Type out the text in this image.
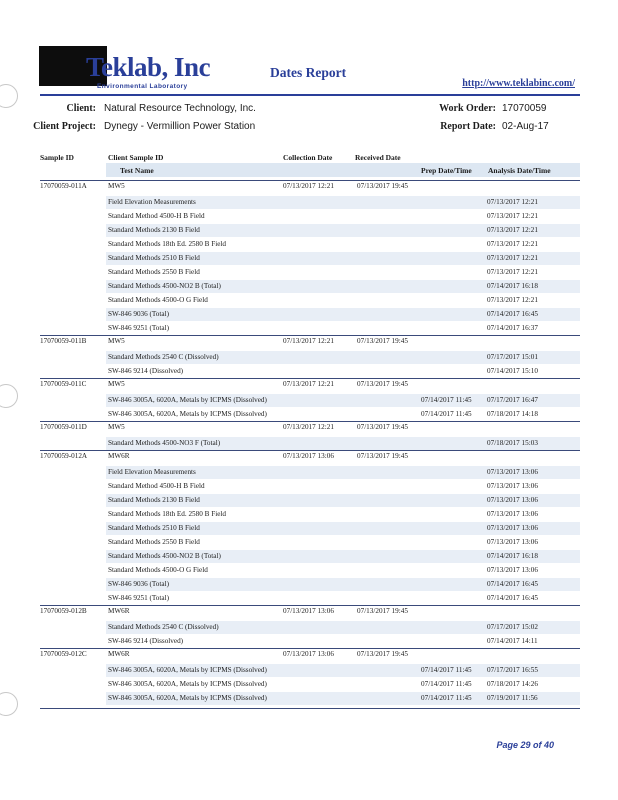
Teklab, Inc
Environmental Laboratory
Dates Report
http://www.teklabinc.com/
Client: Natural Resource Technology, Inc.
Client Project: Dynegy - Vermillion Power Station
Work Order: 17070059
Report Date: 02-Aug-17
Sample ID	Client Sample ID
Test Name
Collection Date	Received Date
Prep Date/Time Analysis Date/Time
17070059-011A	MW5	07/13/2017 12:21	07/13/2017 19:45
Field Elevation Measurements	07/13/2017 12:21
Standard Method 4500-H B Field	07/13/2017 12:21
Standard Methods 2130 B Field	07/13/2017 12:21
Standard Methods 18th Ed. 2580 B Field	07/13/2017 12:21
Standard Methods 2510 B Field	07/13/2017 12:21
Standard Methods 2550 B Field	07/13/2017 12:21
Standard Methods 4500-NO2 B (Total)	07/14/2017 16:18
Standard Methods 4500-O G Field	07/13/2017 12:21
SW-846 9036 (Total)	07/14/2017 16:45
SW-846 9251 (Total)	07/14/2017 16:37
17070059-011B	MW5	07/13/2017 12:21	07/13/2017 19:45
Standard Methods 2540 C (Dissolved)	07/17/2017 15:01
SW-846 9214 (Dissolved)	07/14/2017 15:10
17070059-011C	MW5	07/13/2017 12:21	07/13/2017 19:45
SW-846 3005A, 6020A, Metals by ICPMS (Dissolved)	07/14/2017 11:45 07/17/2017 16:47
SW-846 3005A, 6020A, Metals by ICPMS (Dissolved)	07/14/2017 11:45 07/18/2017 14:18
17070059-011D	MW5	07/13/2017 12:21	07/13/2017 19:45
Standard Methods 4500-NO3 F (Total)	07/18/2017 15:03
17070059-012A	MW6R	07/13/2017 13:06	07/13/2017 19:45
Field Elevation Measurements	07/13/2017 13:06
Standard Method 4500-H B Field	07/13/2017 13:06
Standard Methods 2130 B Field	07/13/2017 13:06
Standard Methods 18th Ed. 2580 B Field	07/13/2017 13:06
Standard Methods 2510 B Field	07/13/2017 13:06
Standard Methods 2550 B Field	07/13/2017 13:06
Standard Methods 4500-NO2 B (Total)	07/14/2017 16:18
Standard Methods 4500-O G Field	07/13/2017 13:06
SW-846 9036 (Total)	07/14/2017 16:45
SW-846 9251 (Total)	07/14/2017 16:45
17070059-012B	MW6R	07/13/2017 13:06	07/13/2017 19:45
Standard Methods 2540 C (Dissolved)	07/17/2017 15:02
SW-846 9214 (Dissolved)	07/14/2017 14:11
17070059-012C	MW6R	07/13/2017 13:06	07/13/2017 19:45
SW-846 3005A, 6020A, Metals by ICPMS (Dissolved)	07/14/2017 11:45 07/17/2017 16:55
SW-846 3005A, 6020A, Metals by ICPMS (Dissolved)	07/14/2017 11:45 07/18/2017 14:26
SW-846 3005A, 6020A, Metals by ICPMS (Dissolved)	07/14/2017 11:45 07/19/2017 11:56
Page 29 of 40
